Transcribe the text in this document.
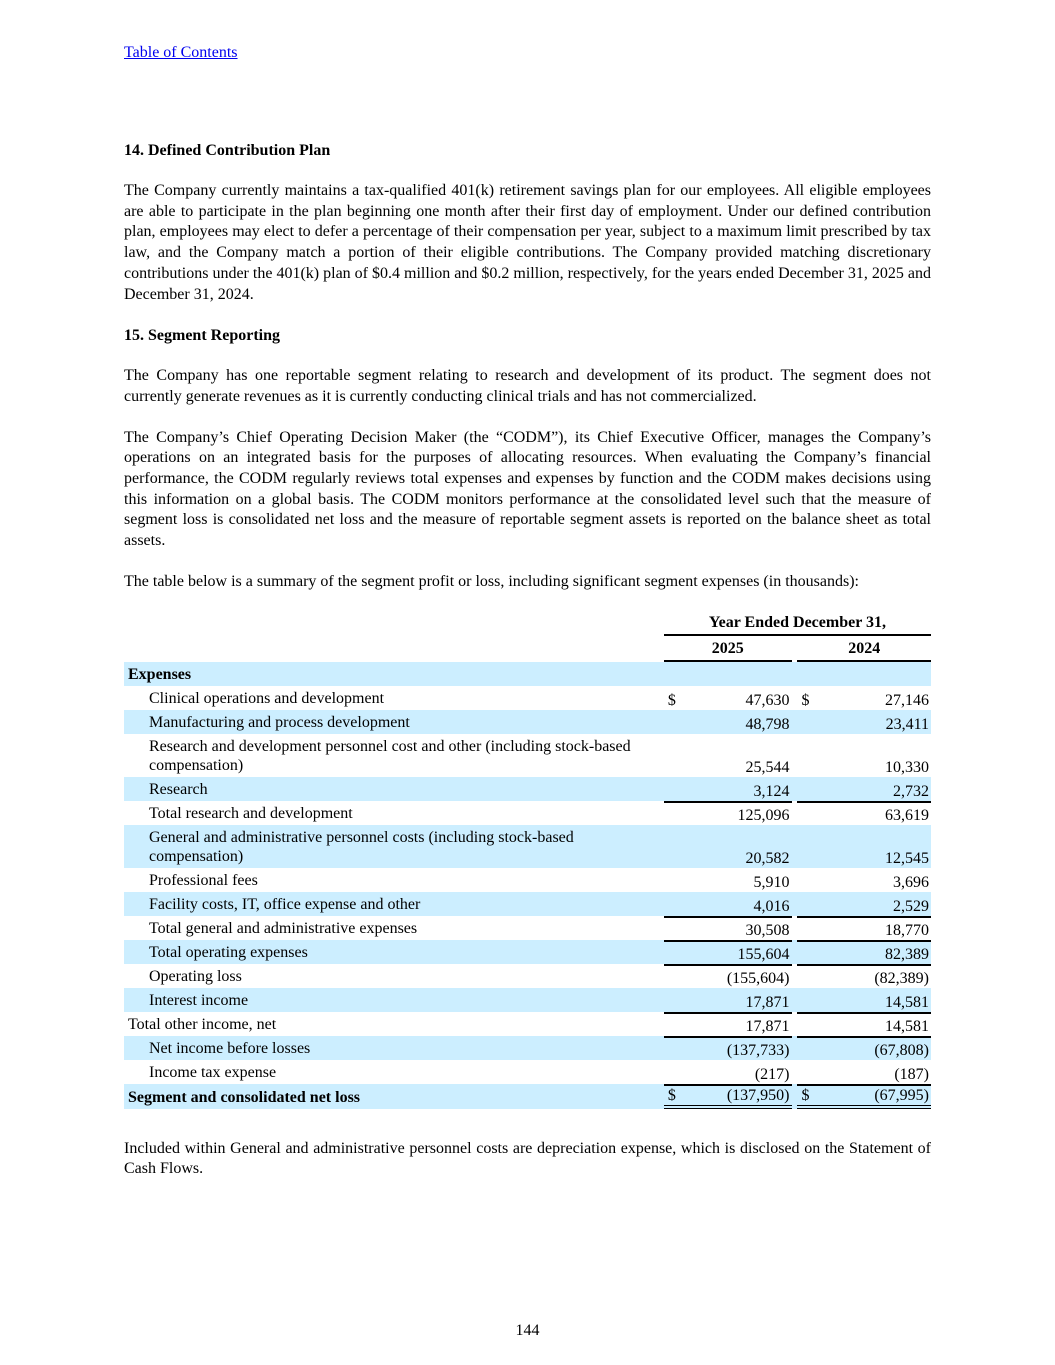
Table of Contents
14. Defined Contribution Plan

The Company currently maintains a tax-qualified 401(k) retirement savings plan for our employees. All eligible employees are able to participate in the plan beginning one month after their first day of employment. Under our defined contribution plan, employees may elect to defer a percentage of their compensation per year, subject to a maximum limit prescribed by tax law, and the Company match a portion of their eligible contributions. The Company provided matching discretionary contributions under the 401(k) plan of $0.4 million and $0.2 million, respectively, for the years ended December 31, 2025 and December 31, 2024.

15. Segment Reporting

The Company has one reportable segment relating to research and development of its product. The segment does not currently generate revenues as it is currently conducting clinical trials and has not commercialized.

The Company’s Chief Operating Decision Maker (the “CODM”), its Chief Executive Officer, manages the Company’s operations on an integrated basis for the purposes of allocating resources. When evaluating the Company’s financial performance, the CODM regularly reviews total expenses and expenses by function and the CODM makes decisions using this information on a global basis. The CODM monitors performance at the consolidated level such that the measure of segment loss is consolidated net loss and the measure of reportable segment assets is reported on the balance sheet as total assets.

The table below is a summary of the segment profit or loss, including significant segment expenses (in thousands):

	Year Ended December 31,				
	2025			2024	
Expenses					
Clinical operations and development	$	47,630		$	27,146
Manufacturing and process development		48,798			23,411
Research and development personnel cost and other (including stock-based compensation)		25,544			10,330
Research		3,124			2,732
Total research and development		125,096			63,619
General and administrative personnel costs (including stock-based compensation)		20,582			12,545
Professional fees		5,910			3,696
Facility costs, IT, office expense and other		4,016			2,529
Total general and administrative expenses		30,508			18,770
Total operating expenses		155,604			82,389
Operating loss		(155,604)			(82,389)
Interest income		17,871			14,581
Total other income, net		17,871			14,581
Net income before losses		(137,733)			(67,808)
Income tax expense		(217)			(187)
Segment and consolidated net loss	$	(137,950)		$	(67,995)

Included within General and administrative personnel costs are depreciation expense, which is disclosed on the Statement of Cash Flows.

144
